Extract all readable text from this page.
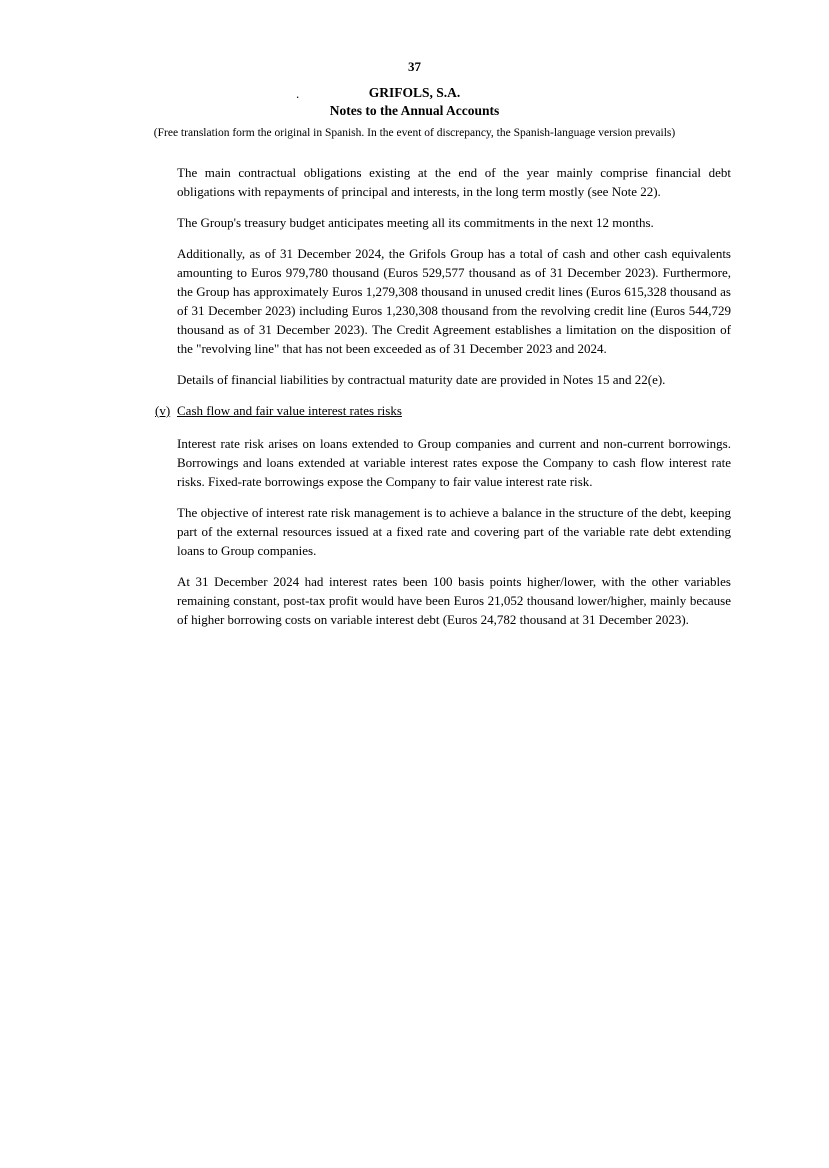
37
.	GRIFOLS, S.A.
Notes to the Annual Accounts
(Free translation form the original in Spanish. In the event of discrepancy, the Spanish-language version prevails)

The main contractual obligations existing at the end of the year mainly comprise financial debt obligations with repayments of principal and interests, in the long term mostly (see Note 22).

The Group's treasury budget anticipates meeting all its commitments in the next 12 months.

Additionally, as of 31 December 2024, the Grifols Group has a total of cash and other cash equivalents amounting to Euros 979,780 thousand (Euros 529,577 thousand as of 31 December 2023). Furthermore, the Group has approximately Euros 1,279,308 thousand in unused credit lines (Euros 615,328 thousand as of 31 December 2023) including Euros 1,230,308 thousand from the revolving credit line (Euros 544,729 thousand as of 31 December 2023). The Credit Agreement establishes a limitation on the disposition of the "revolving line" that has not been exceeded as of 31 December 2023 and 2024.

Details of financial liabilities by contractual maturity date are provided in Notes 15 and 22(e).

(v) Cash flow and fair value interest rates risks

Interest rate risk arises on loans extended to Group companies and current and non-current borrowings. Borrowings and loans extended at variable interest rates expose the Company to cash flow interest rate risks. Fixed-rate borrowings expose the Company to fair value interest rate risk.

The objective of interest rate risk management is to achieve a balance in the structure of the debt, keeping part of the external resources issued at a fixed rate and covering part of the variable rate debt extending loans to Group companies.

At 31 December 2024 had interest rates been 100 basis points higher/lower, with the other variables remaining constant, post-tax profit would have been Euros 21,052 thousand lower/higher, mainly because of higher borrowing costs on variable interest debt (Euros 24,782 thousand at 31 December 2023).
